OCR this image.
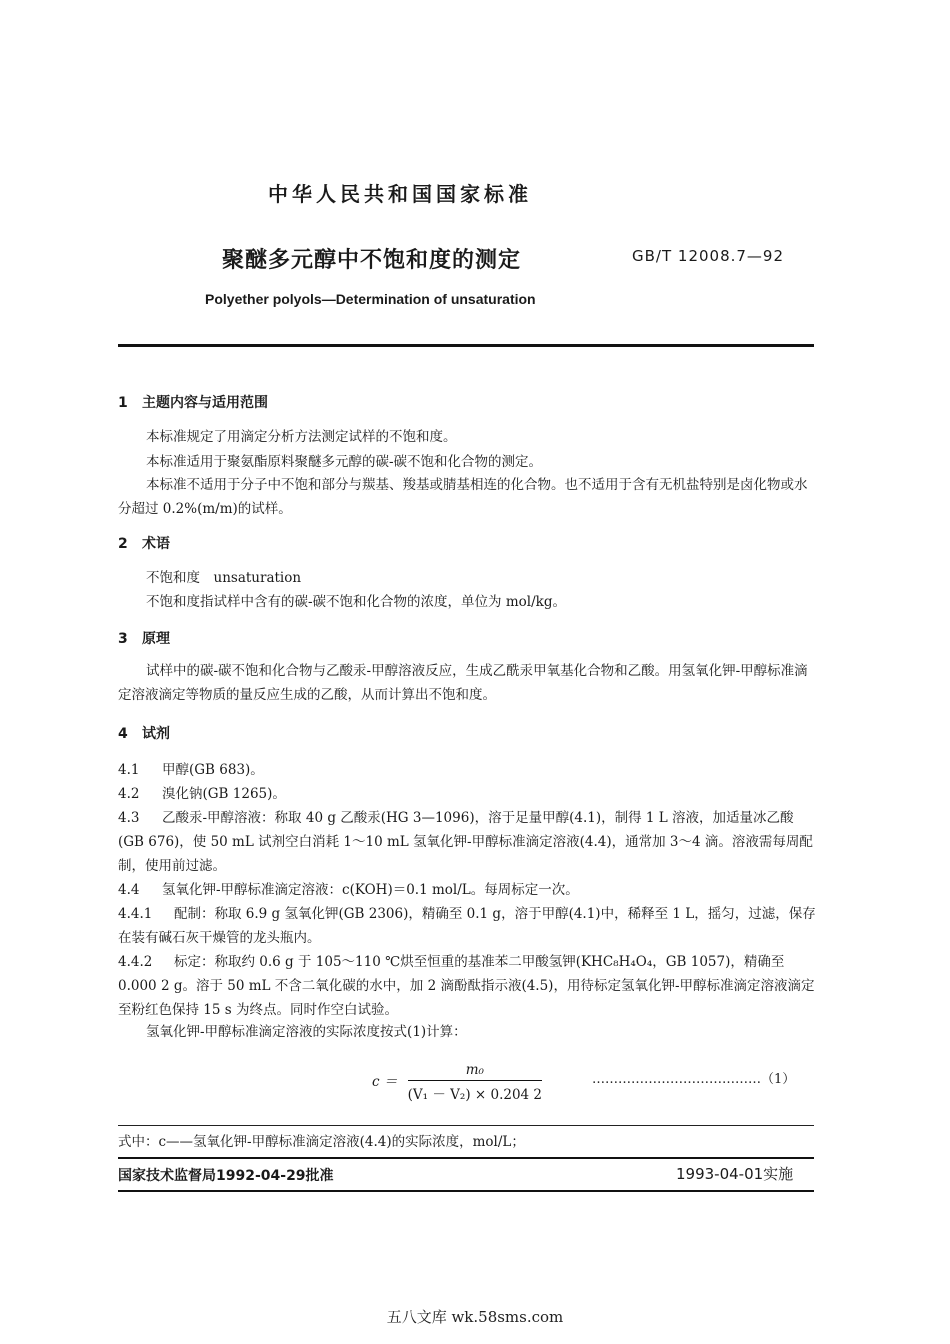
中华人民共和国国家标准
聚醚多元醇中不饱和度的测定	GB/T 12008.7—92
Polyether polyols—Determination of unsaturation
1 主题内容与适用范围
本标准规定了用滴定分析方法测定试样的不饱和度。
本标准适用于聚氨酯原料聚醚多元醇的碳-碳不饱和化合物的测定。
本标准不适用于分子中不饱和部分与羰基、羧基或腈基相连的化合物。也不适用于含有无机盐特别是卤化物或水分超过 0.2%(m/m)的试样。
2 术语
不饱和度　unsaturation
不饱和度指试样中含有的碳-碳不饱和化合物的浓度，单位为 mol/kg。
3 原理
试样中的碳-碳不饱和化合物与乙酸汞-甲醇溶液反应，生成乙酰汞甲氧基化合物和乙酸。用氢氧化钾-甲醇标准滴定溶液滴定等物质的量反应生成的乙酸，从而计算出不饱和度。
4 试剂
4.1 甲醇(GB 683)。
4.2 溴化钠(GB 1265)。
4.3 乙酸汞-甲醇溶液：称取 40 g 乙酸汞(HG 3—1096)，溶于足量甲醇(4.1)，制得 1 L 溶液，加适量冰乙酸(GB 676)，使 50 mL 试剂空白消耗 1～10 mL 氢氧化钾-甲醇标准滴定溶液(4.4)，通常加 3～4 滴。溶液需每周配制，使用前过滤。
4.4 氢氧化钾-甲醇标准滴定溶液：c(KOH)＝0.1 mol/L。每周标定一次。
4.4.1 配制：称取 6.9 g 氢氧化钾(GB 2306)，精确至 0.1 g，溶于甲醇(4.1)中，稀释至 1 L，摇匀，过滤，保存在装有碱石灰干燥管的龙头瓶内。
4.4.2 标定：称取约 0.6 g 于 105～110 ℃烘至恒重的基准苯二甲酸氢钾(KHC₈H₄O₄，GB 1057)，精确至 0.000 2 g。溶于 50 mL 不含二氧化碳的水中，加 2 滴酚酞指示液(4.5)，用待标定氢氧化钾-甲醇标准滴定溶液滴定至粉红色保持 15 s 为终点。同时作空白试验。
氢氧化钾-甲醇标准滴定溶液的实际浓度按式(1)计算：
$c = \frac{\text{m₀}}{\text{(V₁ － V₂) × 0.204 2}}$	…………………………………（1）
式中：c——氢氧化钾-甲醇标准滴定溶液(4.4)的实际浓度，mol/L；
国家技术监督局1992-04-29批准	1993-04-01实施
五八文库 wk.58sms.com
